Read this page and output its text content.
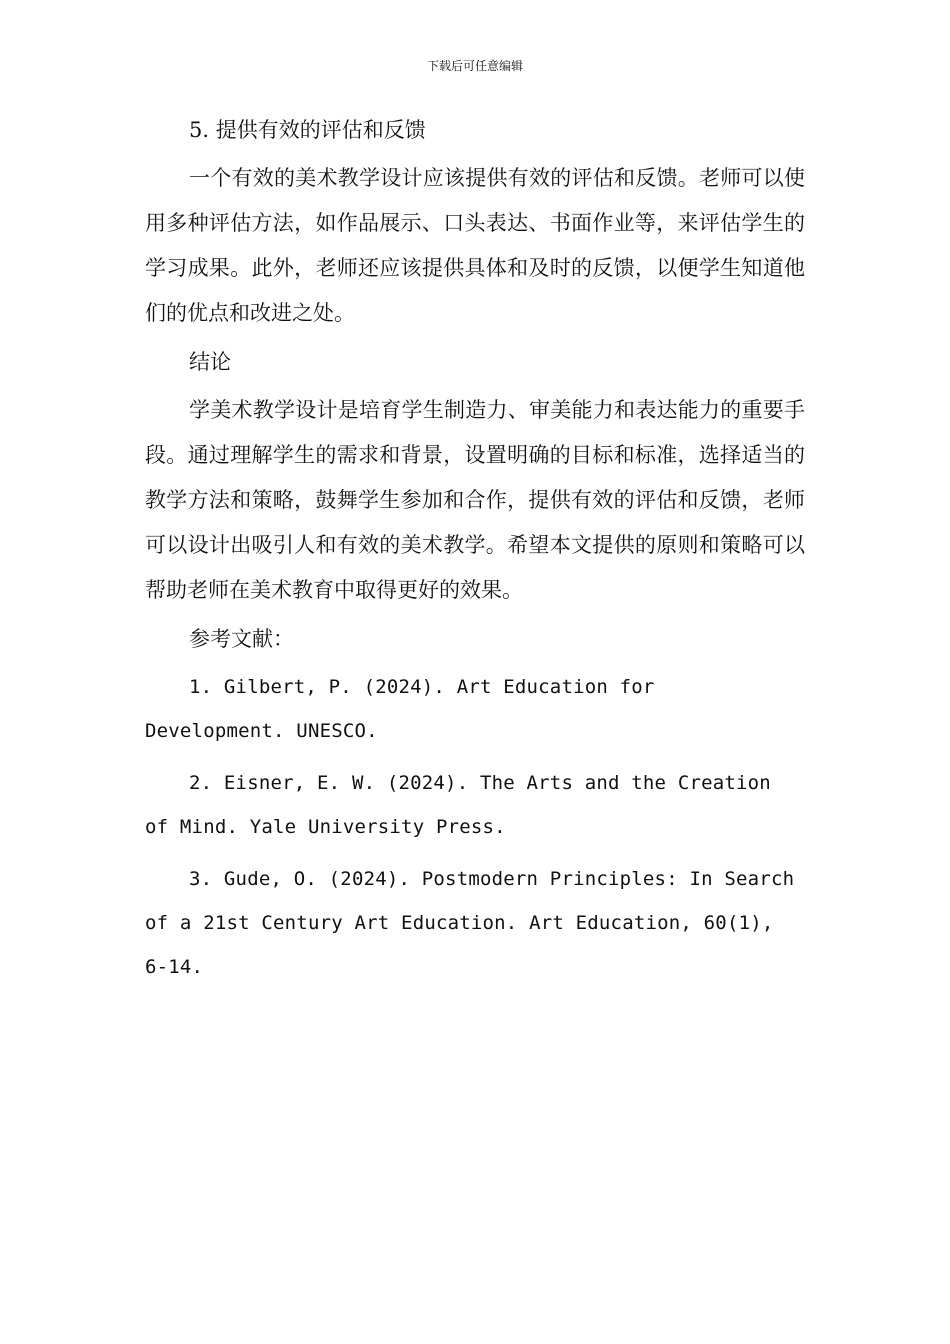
下载后可任意编辑
5. 提供有效的评估和反馈

一个有效的美术教学设计应该提供有效的评估和反馈。老师可以使用多种评估方法，如作品展示、口头表达、书面作业等，来评估学生的学习成果。此外，老师还应该提供具体和及时的反馈，以便学生知道他们的优点和改进之处。

结论

学美术教学设计是培育学生制造力、审美能力和表达能力的重要手段。通过理解学生的需求和背景，设置明确的目标和标准，选择适当的教学方法和策略，鼓舞学生参加和合作，提供有效的评估和反馈，老师可以设计出吸引人和有效的美术教学。希望本文提供的原则和策略可以帮助老师在美术教育中取得更好的效果。

参考文献：

1. Gilbert, P. (2024). Art Education for Development. UNESCO.

2. Eisner, E. W. (2024). The Arts and the Creation of Mind. Yale University Press.

3. Gude, O. (2024). Postmodern Principles: In Search of a 21st Century Art Education. Art Education, 60(1), 6-14.
